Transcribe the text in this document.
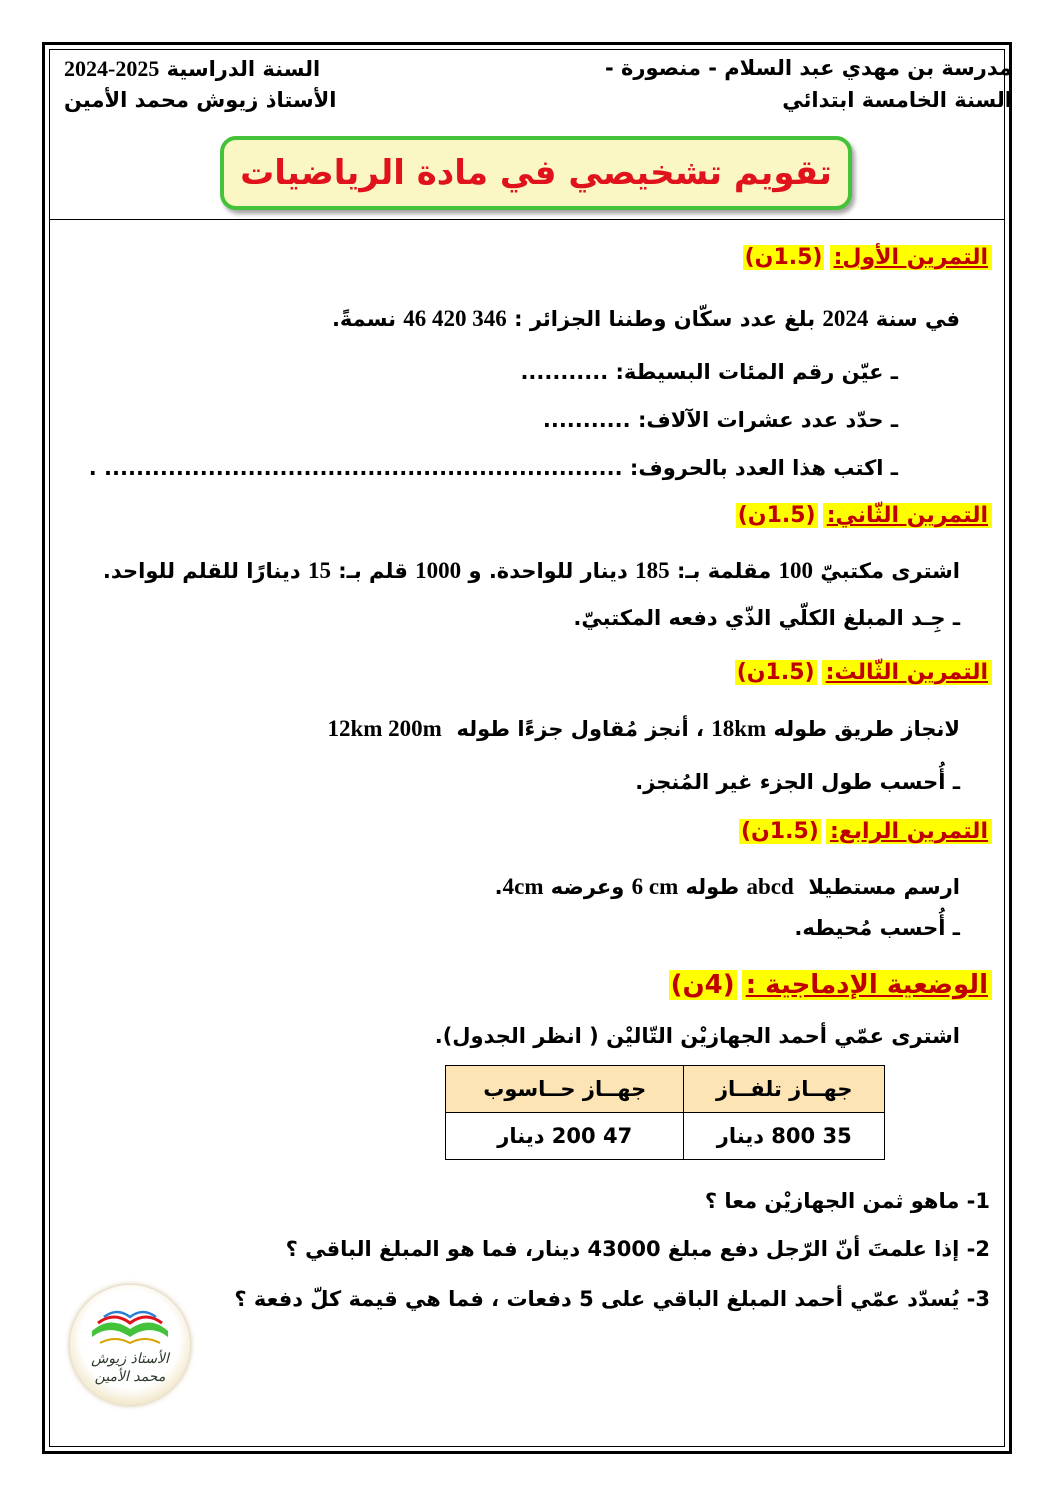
مدرسة بن مهدي عبد السلام - منصورة -
السنة الخامسة ابتدائي
السنة الدراسية 2025-2024
الأستاذ زيوش محمد الأمين
تقويم تشخيصي في مادة الرياضيات
التمرين الأول: (1.5ن)
في سنة 2024 بلغ عدد سكّان وطننا الجزائر : 46 420 346 نسمةً.
ـ عيّن رقم المئات البسيطة: ...........
ـ حدّد عدد عشرات الآلاف: ...........
ـ اكتب هذا العدد بالحروف: ................................................................. .
التمرين الثّاني: (1.5ن)
اشترى مكتبيّ 100 مقلمة بـ: 185 دينار للواحدة. و 1000 قلم بـ: 15 دينارًا للقلم للواحد.
ـ جِـد المبلغ الكلّي الذّي دفعه المكتبيّ.
التمرين الثّالث: (1.5ن)
لانجاز طريق طوله 18km ، أنجز مُقاول جزءًا طوله  12km 200m
ـ أُحسب طول الجزء غير المُنجز.
التمرين الرابع: (1.5ن)
ارسم مستطيلا  abcd طوله 6 cm وعرضه 4cm.
ـ أُحسب مُحيطه.
الوضعية الإدماجية : (4ن)
اشترى عمّي أحمد الجهازيْن التّاليْن ( انظر الجدول).
جهــاز تلفــاز	جهــاز حــاسوب
35 800 دينار	47 200 دينار
1- ماهو ثمن الجهازيْن معا ؟
2- إذا علمتَ أنّ الرّجل دفع مبلغ 43000 دينار، فما هو المبلغ الباقي ؟
3- يُسدّد عمّي أحمد المبلغ الباقي على 5 دفعات ، فما هي قيمة كلّ دفعة ؟
الأستاذ زيوش
محمد الأمين
